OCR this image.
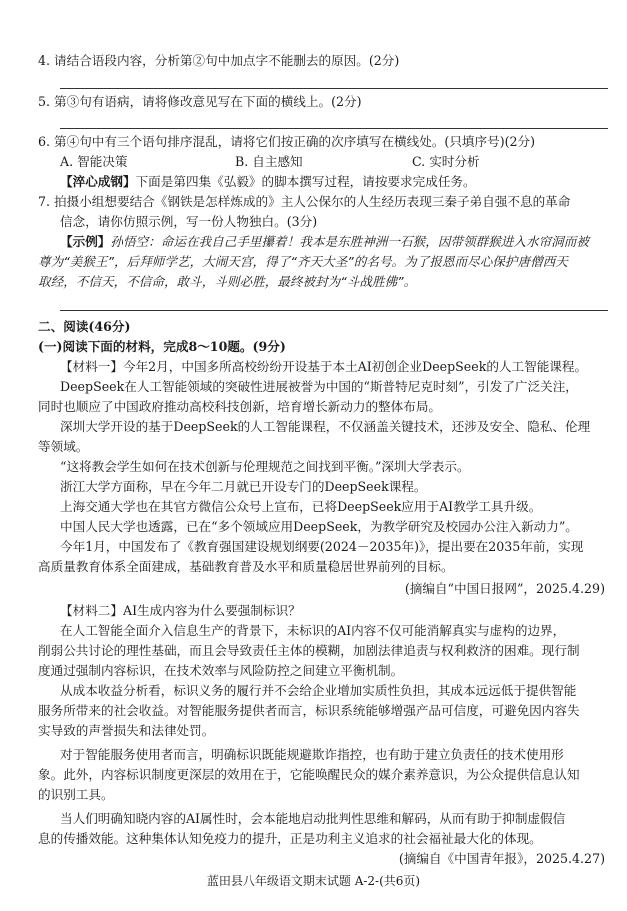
4. 请结合语段内容，分析第②句中加点字不能删去的原因。(2分)
5. 第③句有语病，请将修改意见写在下面的横线上。(2分)
6. 第④句中有三个语句排序混乱，请将它们按正确的次序填写在横线处。(只填序号)(2分)
A. 智能决策	B. 自主感知	C. 实时分析
【淬心成钢】下面是第四集《弘毅》的脚本撰写过程，请按要求完成任务。
7. 拍摄小组想要结合《钢铁是怎样炼成的》主人公保尔的人生经历表现三秦子弟自强不息的革命
信念，请你仿照示例，写一份人物独白。(3分)
【示例】孙悟空：命运在我自己手里攥着！我本是东胜神洲一石猴，因带领群猴进入水帘洞而被
尊为“美猴王”，后拜师学艺，大闹天宫，得了“齐天大圣”的名号。为了报恩而尽心保护唐僧西天
取经，不信天，不信命，敢斗，斗则必胜，最终被封为“斗战胜佛”。
二、阅读(46分)
(一)阅读下面的材料，完成8～10题。(9分)
【材料一】今年2月，中国多所高校纷纷开设基于本土AI初创企业DeepSeek的人工智能课程。
DeepSeek在人工智能领域的突破性进展被誉为中国的“斯普特尼克时刻”，引发了广泛关注，
同时也顺应了中国政府推动高校科技创新，培育增长新动力的整体布局。
深圳大学开设的基于DeepSeek的人工智能课程，不仅涵盖关键技术，还涉及安全、隐私、伦理
等领域。
“这将教会学生如何在技术创新与伦理规范之间找到平衡。”深圳大学表示。
浙江大学方面称，早在今年二月就已开设专门的DeepSeek课程。
上海交通大学也在其官方微信公众号上宣布，已将DeepSeek应用于AI教学工具升级。
中国人民大学也透露，已在“多个领域应用DeepSeek，为教学研究及校园办公注入新动力”。
今年1月，中国发布了《教育强国建设规划纲要(2024－2035年)》，提出要在2035年前，实现
高质量教育体系全面建成，基础教育普及水平和质量稳居世界前列的目标。
(摘编自“中国日报网”，2025.4.29)
【材料二】AI生成内容为什么要强制标识？
在人工智能全面介入信息生产的背景下，未标识的AI内容不仅可能消解真实与虚构的边界，
削弱公共讨论的理性基础，而且会导致责任主体的模糊，加剧法律追责与权利救济的困难。现行制
度通过强制内容标识，在技术效率与风险防控之间建立平衡机制。
从成本收益分析看，标识义务的履行并不会给企业增加实质性负担，其成本远远低于提供智能
服务所带来的社会收益。对智能服务提供者而言，标识系统能够增强产品可信度，可避免因内容失
实导致的声誉损失和法律处罚。
对于智能服务使用者而言，明确标识既能规避欺诈指控，也有助于建立负责任的技术使用形
象。此外，内容标识制度更深层的效用在于，它能唤醒民众的媒介素养意识，为公众提供信息认知
的识别工具。
当人们明确知晓内容的AI属性时，会本能地启动批判性思维和解码，从而有助于抑制虚假信
息的传播效能。这种集体认知免疫力的提升，正是功利主义追求的社会福祉最大化的体现。
(摘编自《中国青年报》，2025.4.27)
蓝田县八年级语文期末试题 A-2-(共6页)
